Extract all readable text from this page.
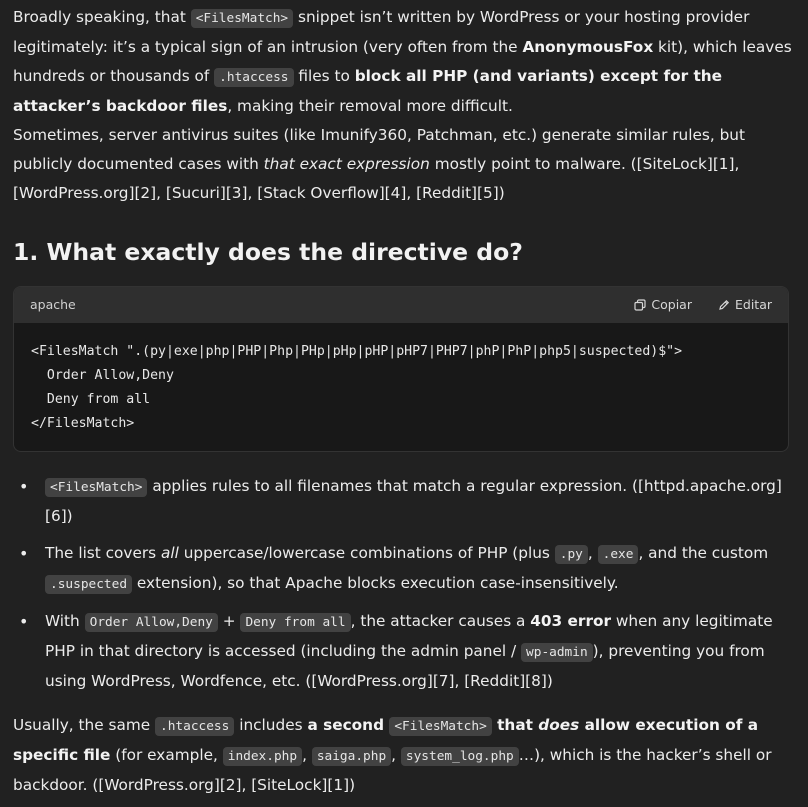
Broadly speaking, that <FilesMatch> snippet isn’t written by WordPress or your hosting provider legitimately: it’s a typical sign of an intrusion (very often from the AnonymousFox kit), which leaves hundreds or thousands of .htaccess files to block all PHP (and variants) except for the attacker’s backdoor files, making their removal more difficult.
Sometimes, server antivirus suites (like Imunify360, Patchman, etc.) generate similar rules, but publicly documented cases with that exact expression mostly point to malware. ([SiteLock][1], [WordPress.org][2], [Sucuri][3], [Stack Overflow][4], [Reddit][5])

1. What exactly does the directive do?
apache	Copiar	Editar
<FilesMatch ".(py|exe|php|PHP|Php|PHp|pHp|pHP|pHP7|PHP7|phP|PhP|php5|suspected)$">
Order Allow,Deny
Deny from all
</FilesMatch>
• <FilesMatch> applies rules to all filenames that match a regular expression. ([httpd.apache.org][6])
• The list covers all uppercase/lowercase combinations of PHP (plus .py , .exe , and the custom .suspected extension), so that Apache blocks execution case-insensitively.
• With Order Allow,Deny + Deny from all , the attacker causes a 403 error when any legitimate PHP in that directory is accessed (including the admin panel / wp-admin ), preventing you from using WordPress, Wordfence, etc. ([WordPress.org][7], [Reddit][8])

Usually, the same .htaccess includes a second <FilesMatch> that does allow execution of a specific file (for example, index.php , saiga.php , system_log.php …), which is the hacker’s shell or backdoor. ([WordPress.org][2], [SiteLock][1])
